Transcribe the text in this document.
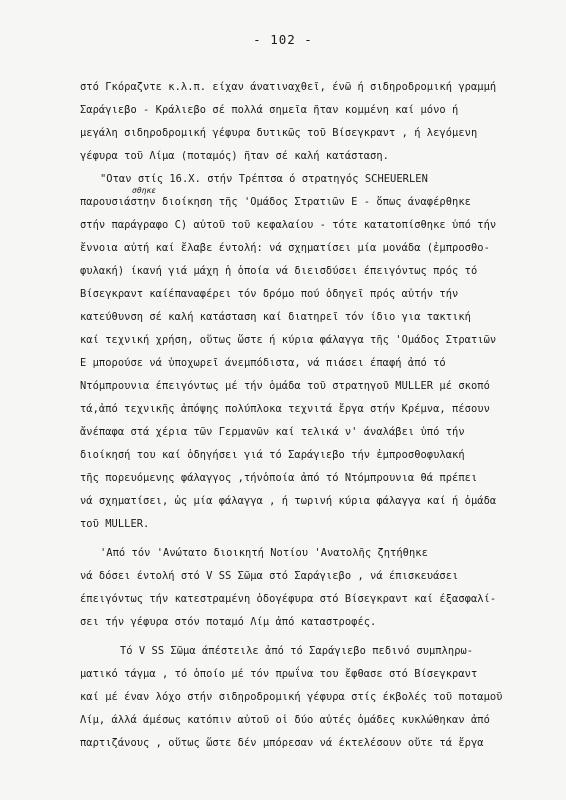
- 102 -
στό Γκόραζντε κ.λ.π. είχαν άνατιναχθεῖ, ένῶ ή σιδηροδρομική γραμμή
Σαράγιεβο - Κράλιεβο σέ πολλά σημεῖα ῆταν κομμένη καί μόνο ή
μεγάλη σιδηροδρομική γέφυρα δυτικῶς τοῦ Βίσεγκραντ , ή λεγόμενη
γέφυρα τοῦ Λίμα (ποταμός) ῆταν σέ καλή κατάσταση.
"Οταν στίς 16.Χ. στήν Τρέπτσα ό στρατηγός SCHEUERLEN
σθηκε
παρουσιάστην διοίκηση τῆς 'Ομάδος Στρατιῶν Ε - ὅπως άναφέρθηκε
στήν παράγραφο C) αὐτοῦ τοῦ κεφαλαίου - τότε κατατοπίσθηκε ὑπό τήν
ἔννοια αὐτή καί ἔλαβε έντολή: νά σχηματίσει μία μονάδα (ἐμπροσθο-
φυλακή) ίκανή γιά μάχη ἡ ὁποία νά διεισδύσει έπειγόντως πρός τό
Βίσεγκραντ καίέπαναφέρει τόν δρόμο πού ὁδηγεῖ πρός αὐτήν τήν
κατεύθυνση σέ καλή κατάσταση καί διατηρεῖ τόν ίδιο για τακτική
καί τεχνική χρήση, οὕτως ὥστε ή κύρια φάλαγγα τῆς 'Ομάδος Στρατιῶν
Ε μπορούσε νά ὑποχωρεῖ άνεμπόδιστα, νά πιάσει έπαφή ἀπό τό
Ντόμπρουνια έπειγόντως μέ τήν ὁμάδα τοῦ στρατηγοῦ MULLER μέ σκοπό
τά,ἀπό τεχνικῆς ἀπόψης πολύπλοκα τεχνιτά ἔργα στήν Κρέμνα, πέσουν
ἄνέπαφα στά χέρια τῶν Γερμανῶν καί τελικά ν' άναλάβει ὑπό τήν
διοίκησή του καί ὁδηγήσει γιά τό Σαράγιεβο τήν ἐμπροσθοφυλακή
τῆς πορευόμενης φάλαγγος ,τήνὁποία ἀπό τό Ντόμπρουνια θά πρέπει
νά σχηματίσει, ὡς μία φάλαγγα , ή τωρινή κύρια φάλαγγα καί ή ὁμάδα
τοῦ MULLER.
'Από τόν 'Ανώτατο διοικητή Νοτίου 'Ανατολῆς ζητήθηκε
νά δόσει έντολή στό V SS Σῶμα στό Σαράγιεβο , νά έπισκευάσει
έπειγόντως τήν κατεστραμένη ὁδογέφυρα στό Βίσεγκραντ καί έξασφαλί-
σει τήν γέφυρα στόν ποταμό Λίμ ἀπό καταστροφές.
Τό V SS Σῶμα άπέστειλε ἀπό τό Σαράγιεβο πεδινό συμπληρω-
ματικό τάγμα , τό ὁποίο μέ τόν πρωΐνα του ἔφθασε στό Βίσεγκραντ
καί μέ έναν λόχο στήν σιδηροδρομική γέφυρα στίς έκβολές τοῦ ποταμοῦ
Λίμ, άλλά άμέσως κατόπιν αὐτοῦ οἱ δύο αὐτές ὁμάδες κυκλώθηκαν ἀπό
παρτιζάνους , οὕτως ὥστε δέν μπόρεσαν νά έκτελέσουν οὔτε τά ἔργα
